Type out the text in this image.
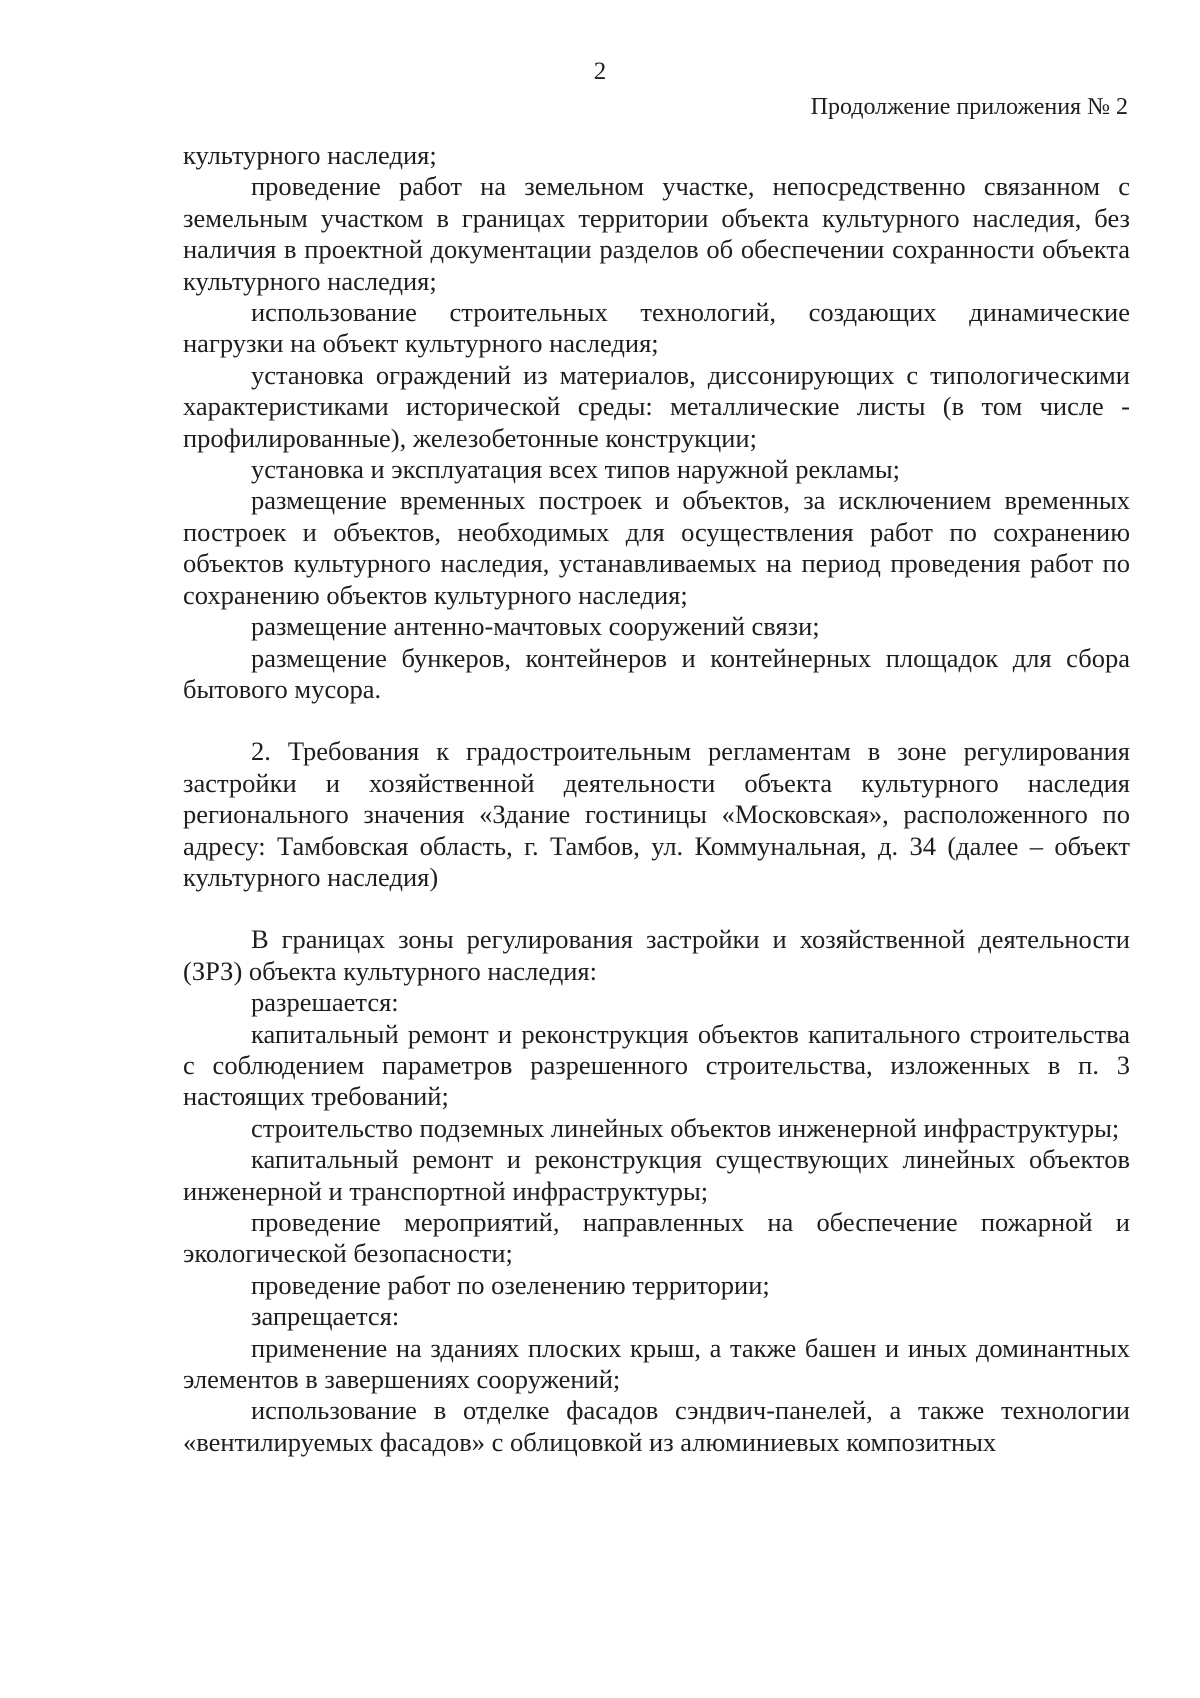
2

Продолжение приложения № 2

культурного наследия;

проведение работ на земельном участке, непосредственно связанном с земельным участком в границах территории объекта культурного наследия, без наличия в проектной документации разделов об обеспечении сохранности объекта культурного наследия;

использование строительных технологий, создающих динамические нагрузки на объект культурного наследия;

установка ограждений из материалов, диссонирующих с типологическими характеристиками исторической среды: металлические листы (в том числе - профилированные), железобетонные конструкции;

установка и эксплуатация всех типов наружной рекламы;

размещение временных построек и объектов, за исключением временных построек и объектов, необходимых для осуществления работ по сохранению объектов культурного наследия, устанавливаемых на период проведения работ по сохранению объектов культурного наследия;

размещение антенно-мачтовых сооружений связи;

размещение бункеров, контейнеров и контейнерных площадок для сбора бытового мусора.

2. Требования к градостроительным регламентам в зоне регулирования застройки и хозяйственной деятельности объекта культурного наследия регионального значения «Здание гостиницы «Московская», расположенного по адресу: Тамбовская область, г. Тамбов, ул. Коммунальная, д. 34 (далее – объект культурного наследия)

В границах зоны регулирования застройки и хозяйственной деятельности (ЗРЗ) объекта культурного наследия:

разрешается:

капитальный ремонт и реконструкция объектов капитального строительства с соблюдением параметров разрешенного строительства, изложенных в п. 3 настоящих требований;

строительство подземных линейных объектов инженерной инфраструктуры;

капитальный ремонт и реконструкция существующих линейных объектов инженерной и транспортной инфраструктуры;

проведение мероприятий, направленных на обеспечение пожарной и экологической безопасности;

проведение работ по озеленению территории;

запрещается:

применение на зданиях плоских крыш, а также башен и иных доминантных элементов в завершениях сооружений;

использование в отделке фасадов сэндвич-панелей, а также технологии «вентилируемых фасадов» с облицовкой из алюминиевых композитных
